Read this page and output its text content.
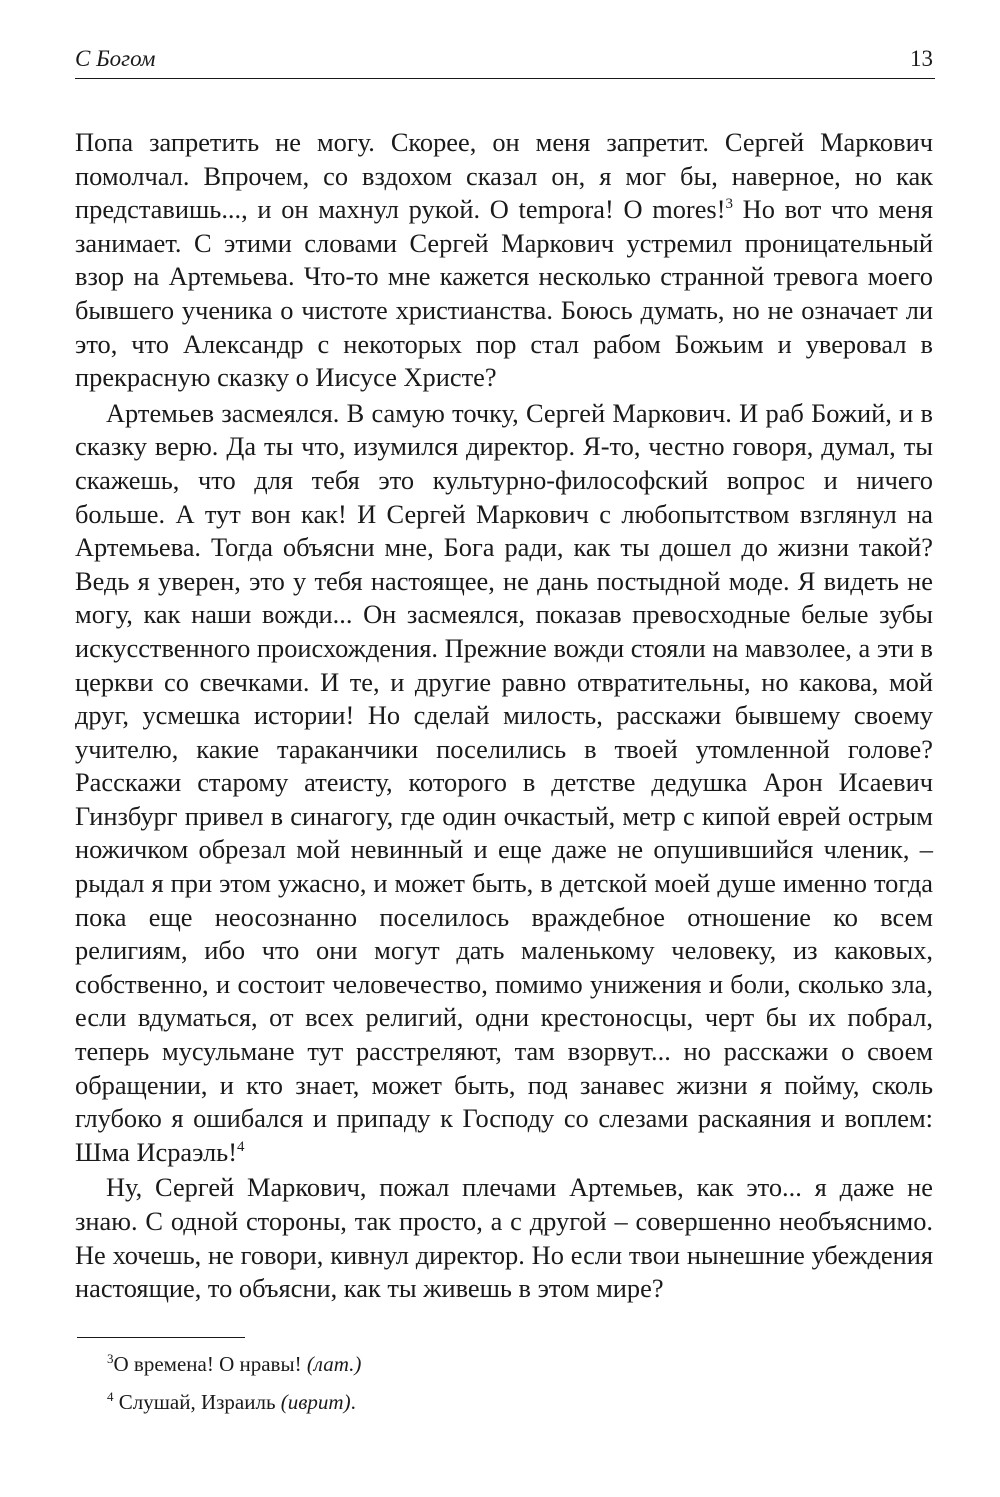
С Богом	13

Попа запретить не могу. Скорее, он меня запретит. Сергей Маркович помолчал. Впрочем, со вздохом сказал он, я мог бы, наверное, но как представишь..., и он махнул рукой. O tempora! O mores!$^3$ Но вот что меня занимает. С этими словами Сергей Маркович устремил проницательный взор на Артемьева. Что-то мне кажется несколько странной тревога моего бывшего ученика о чистоте христианства. Боюсь думать, но не означает ли это, что Александр с некоторых пор стал рабом Божьим и уверовал в прекрасную сказку о Иисусе Христе?

Артемьев засмеялся. В самую точку, Сергей Маркович. И раб Божий, и в сказку верю. Да ты что, изумился директор. Я-то, честно говоря, думал, ты скажешь, что для тебя это культурно-философский вопрос и ничего больше. А тут вон как! И Сергей Маркович с любопытством взглянул на Артемьева. Тогда объясни мне, Бога ради, как ты дошел до жизни такой? Ведь я уверен, это у тебя настоящее, не дань постыдной моде. Я видеть не могу, как наши вожди... Он засмеялся, показав превосходные белые зубы искусственного происхождения. Прежние вожди стояли на мавзолее, а эти в церкви со свечками. И те, и другие равно отвратительны, но какова, мой друг, усмешка истории! Но сделай милость, расскажи бывшему своему учителю, какие тараканчики поселились в твоей утомленной голове? Расскажи старому атеисту, которого в детстве дедушка Арон Исаевич Гинзбург привел в синагогу, где один очкастый, метр с кипой еврей острым ножичком обрезал мой невинный и еще даже не опушившийся членик, – рыдал я при этом ужасно, и может быть, в детской моей душе именно тогда пока еще неосознанно поселилось враждебное отношение ко всем религиям, ибо что они могут дать маленькому человеку, из каковых, собственно, и состоит человечество, помимо унижения и боли, сколько зла, если вдуматься, от всех религий, одни крестоносцы, черт бы их побрал, теперь мусульмане тут расстреляют, там взорвут... но расскажи о своем обращении, и кто знает, может быть, под занавес жизни я пойму, сколь глубоко я ошибался и припаду к Господу со слезами раскаяния и воплем: Шма Исраэль!$^4$

Ну, Сергей Маркович, пожал плечами Артемьев, как это... я даже не знаю. С одной стороны, так просто, а с другой – совершенно необъяснимо. Не хочешь, не говори, кивнул директор. Но если твои нынешние убеждения настоящие, то объясни, как ты живешь в этом мире?

$^3$О времена! О нравы! (лат.)

$^4$ Слушай, Израиль (иврит).
